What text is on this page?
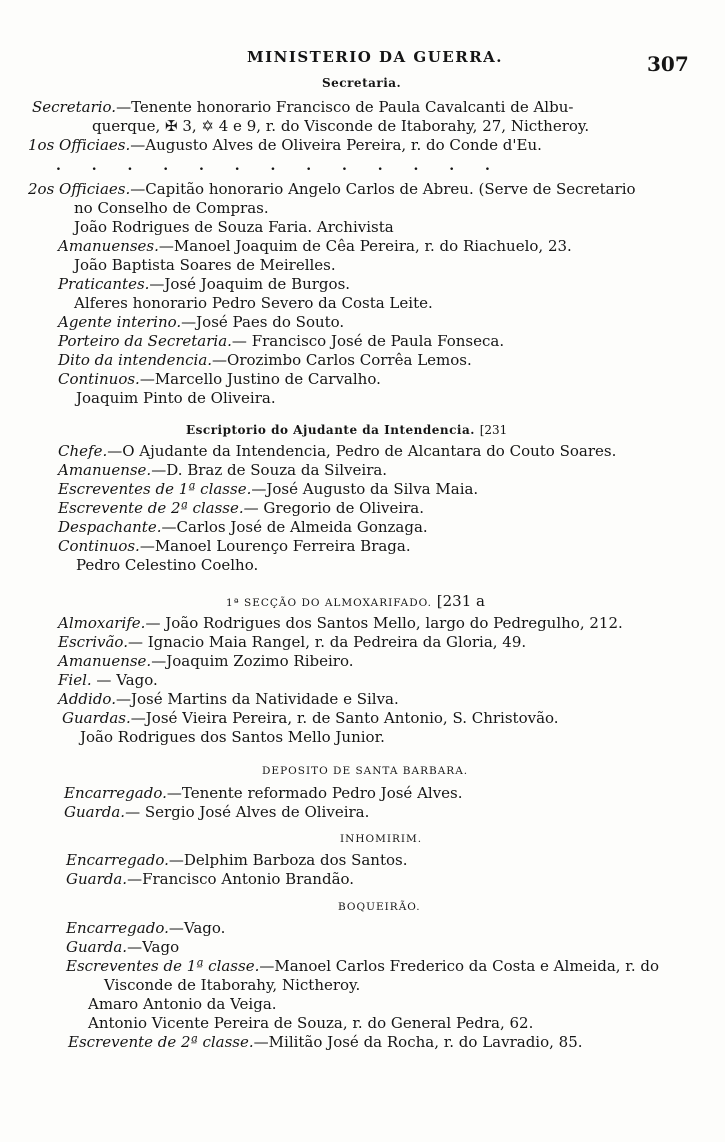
MINISTERIO DA GUERRA.	307
Secretaria.
Secretario.—Tenente honorario Francisco de Paula Cavalcanti de Albu-
querque, ✠ 3, ✡ 4 e 9, r. do Visconde de Itaborahy, 27, Nictheroy.
1os Officiaes.—Augusto Alves de Oliveira Pereira, r. do Conde d'Eu.
. . . . . . . . . . . . .
2os Officiaes.—Capitão honorario Angelo Carlos de Abreu. (Serve de Secretario
no Conselho de Compras.
João Rodrigues de Souza Faria. Archivista
Amanuenses.—Manoel Joaquim de Cêa Pereira, r. do Riachuelo, 23.
João Baptista Soares de Meirelles.
Praticantes.—José Joaquim de Burgos.
Alferes honorario Pedro Severo da Costa Leite.
Agente interino.—José Paes do Souto.
Porteiro da Secretaria.— Francisco José de Paula Fonseca.
Dito da intendencia.—Orozimbo Carlos Corrêa Lemos.
Continuos.—Marcello Justino de Carvalho.
Joaquim Pinto de Oliveira.
Escriptorio do Ajudante da Intendencia. [231
Chefe.—O Ajudante da Intendencia, Pedro de Alcantara do Couto Soares.
Amanuense.—D. Braz de Souza da Silveira.
Escreventes de 1ª classe.—José Augusto da Silva Maia.
Escrevente de 2ª classe.— Gregorio de Oliveira.
Despachante.—Carlos José de Almeida Gonzaga.
Continuos.—Manoel Lourenço Ferreira Braga.
Pedro Celestino Coelho.
1ª SECÇÃO DO ALMOXARIFADO. [231 a
Almoxarife.— João Rodrigues dos Santos Mello, largo do Pedregulho, 212.
Escrivão.— Ignacio Maia Rangel, r. da Pedreira da Gloria, 49.
Amanuense.—Joaquim Zozimo Ribeiro.
Fiel. — Vago.
Addido.—José Martins da Natividade e Silva.
Guardas.—José Vieira Pereira, r. de Santo Antonio, S. Christovão.
João Rodrigues dos Santos Mello Junior.
DEPOSITO DE SANTA BARBARA.
Encarregado.—Tenente reformado Pedro José Alves.
Guarda.— Sergio José Alves de Oliveira.
INHOMIRIM.
Encarregado.—Delphim Barboza dos Santos.
Guarda.—Francisco Antonio Brandão.
BOQUEIRÃO.
Encarregado.—Vago.
Guarda.—Vago
Escreventes de 1ª classe.—Manoel Carlos Frederico da Costa e Almeida, r. do
Visconde de Itaborahy, Nictheroy.
Amaro Antonio da Veiga.
Antonio Vicente Pereira de Souza, r. do General Pedra, 62.
Escrevente de 2ª classe.—Militão José da Rocha, r. do Lavradio, 85.
